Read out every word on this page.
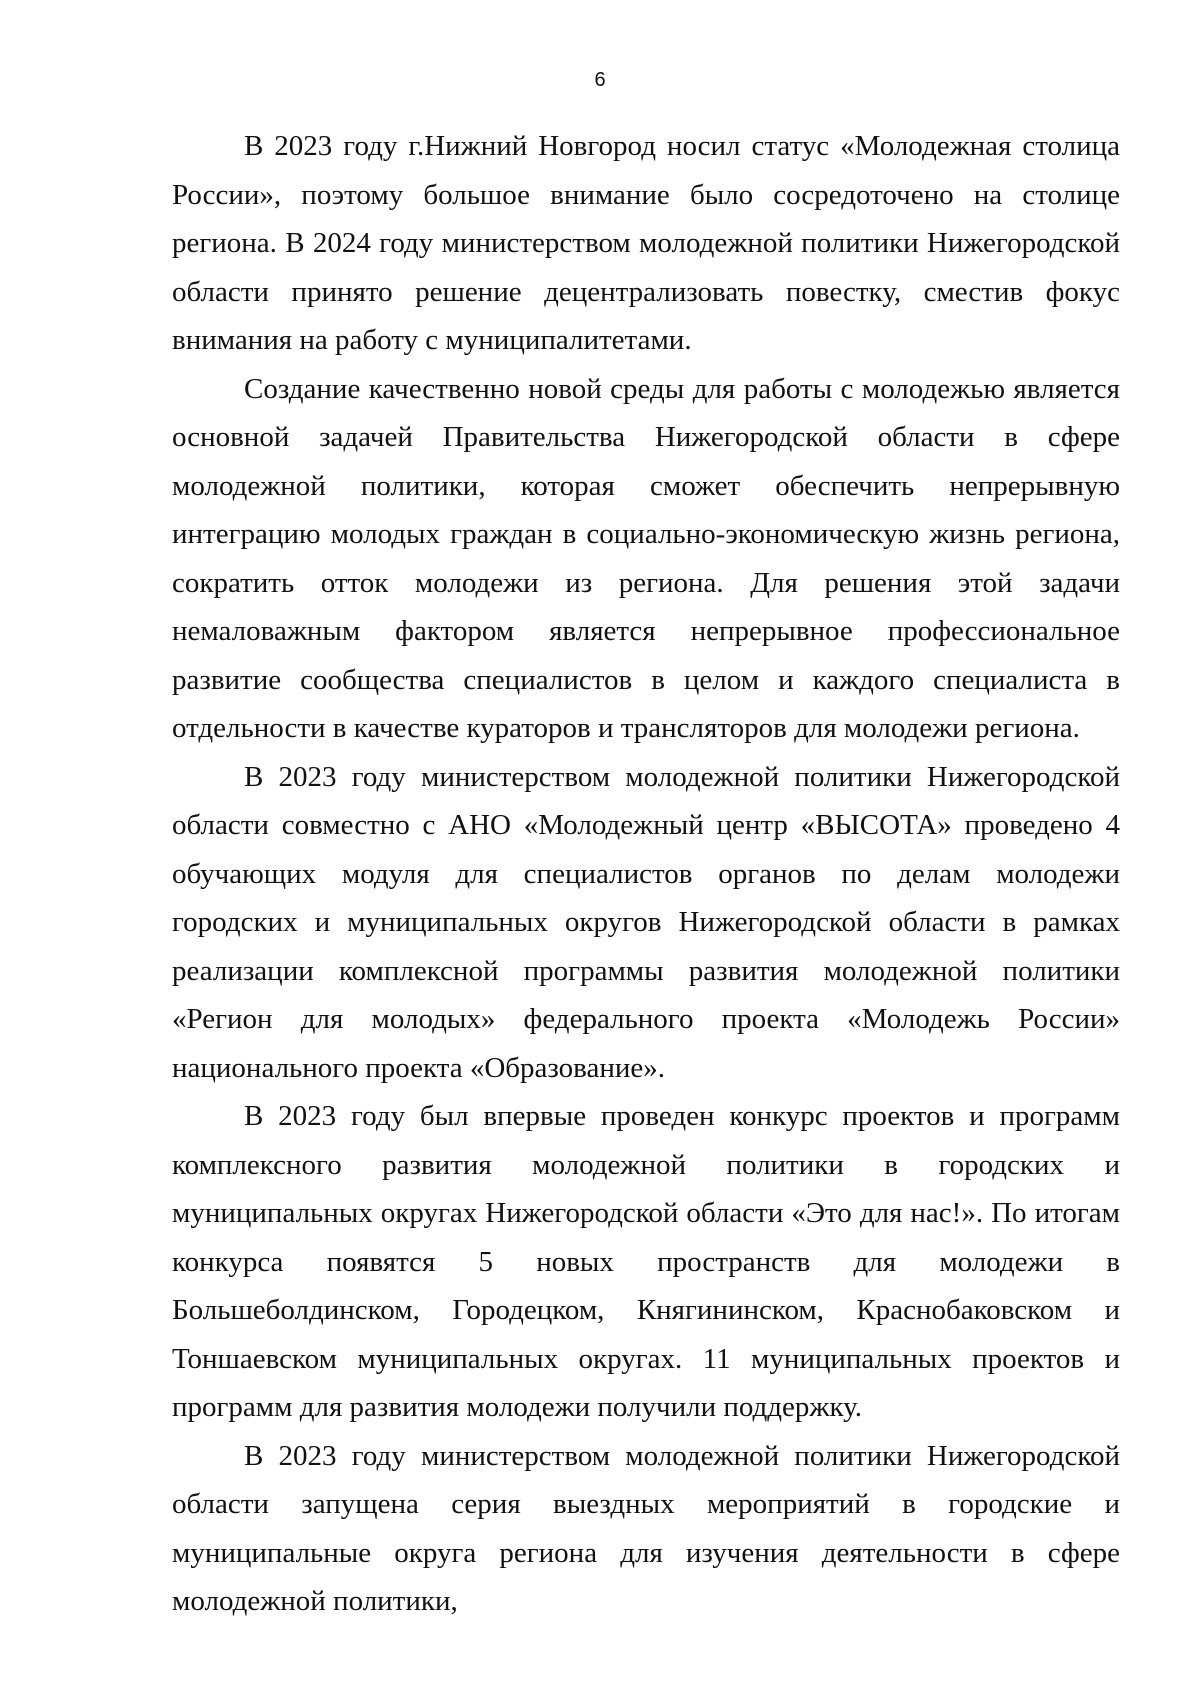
6

В 2023 году г.Нижний Новгород носил статус «Молодежная столица России», поэтому большое внимание было сосредоточено на столице региона. В 2024 году министерством молодежной политики Нижегородской области принято решение децентрализовать повестку, сместив фокус внимания на работу с муниципалитетами.

Создание качественно новой среды для работы с молодежью является основной задачей Правительства Нижегородской области в сфере молодежной политики, которая сможет обеспечить непрерывную интеграцию молодых граждан в социально-экономическую жизнь региона, сократить отток молодежи из региона. Для решения этой задачи немаловажным фактором является непрерывное профессиональное развитие сообщества специалистов в целом и каждого специалиста в отдельности в качестве кураторов и трансляторов для молодежи региона.

В 2023 году министерством молодежной политики Нижегородской области совместно с АНО «Молодежный центр «ВЫСОТА» проведено 4 обучающих модуля для специалистов органов по делам молодежи городских и муниципальных округов Нижегородской области в рамках реализации комплексной программы развития молодежной политики «Регион для молодых» федерального проекта «Молодежь России» национального проекта «Образование».

В 2023 году был впервые проведен конкурс проектов и программ комплексного развития молодежной политики в городских и муниципальных округах Нижегородской области «Это для нас!». По итогам конкурса появятся 5 новых пространств для молодежи в Большеболдинском, Городецком, Княгининском, Краснобаковском и Тоншаевском муниципальных округах. 11 муниципальных проектов и программ для развития молодежи получили поддержку.

В 2023 году министерством молодежной политики Нижегородской области запущена серия выездных мероприятий в городские и муниципальные округа региона для изучения деятельности в сфере молодежной политики,
